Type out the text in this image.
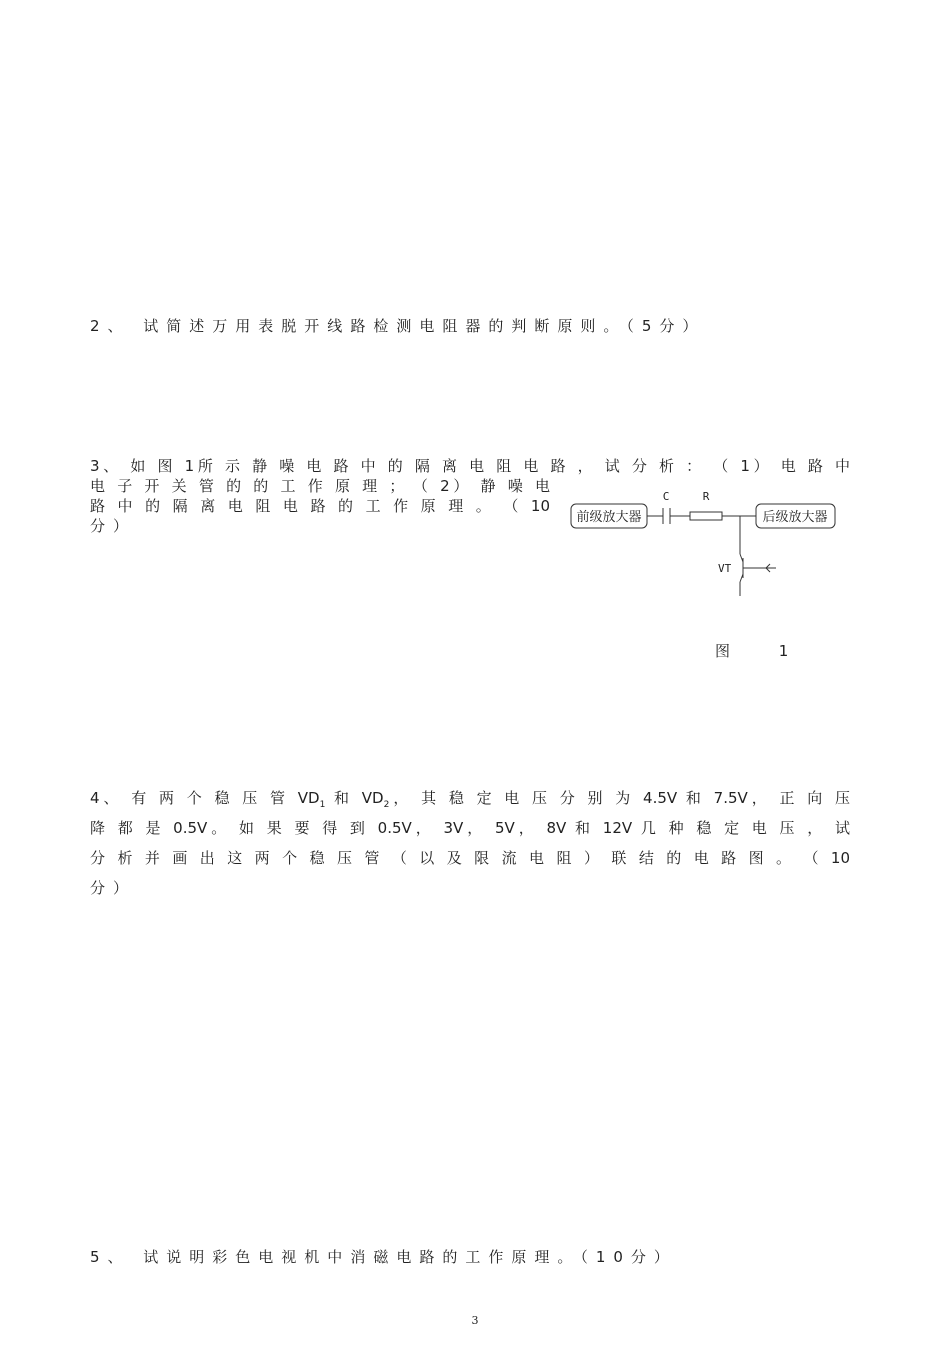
2、 试简述万用表脱开线路检测电阻器的判断原则。（5分）
3、 如 图 1所 示 静 噪 电 路 中 的 隔 离 电 阻 电 路 ， 试 分 析 ： （ 1） 电 路 中
电 子 开 关 管 的 的 工 作 原 理 ； （ 2） 静 噪 电
路 中 的 隔 离 电 阻 电 路 的 工 作 原 理 。 （ 10
分）	前级放大器
C	R
后级放大器
VT
图 1
4、 有 两 个 稳 压 管 $VD_1$ 和 $VD_2$， 其 稳 定 电 压 分 别 为 4.5V 和 7.5V， 正 向 压
降 都 是 0.5V。 如 果 要 得 到 0.5V， 3V， 5V， 8V 和 12V 几 种 稳 定 电 压 ， 试
分 析 并 画 出 这 两 个 稳 压 管 （ 以 及 限 流 电 阻 ） 联 结 的 电 路 图 。 （ 10
分）
5、 试说明彩色电视机中消磁电路的工作原理。（10分）
3
